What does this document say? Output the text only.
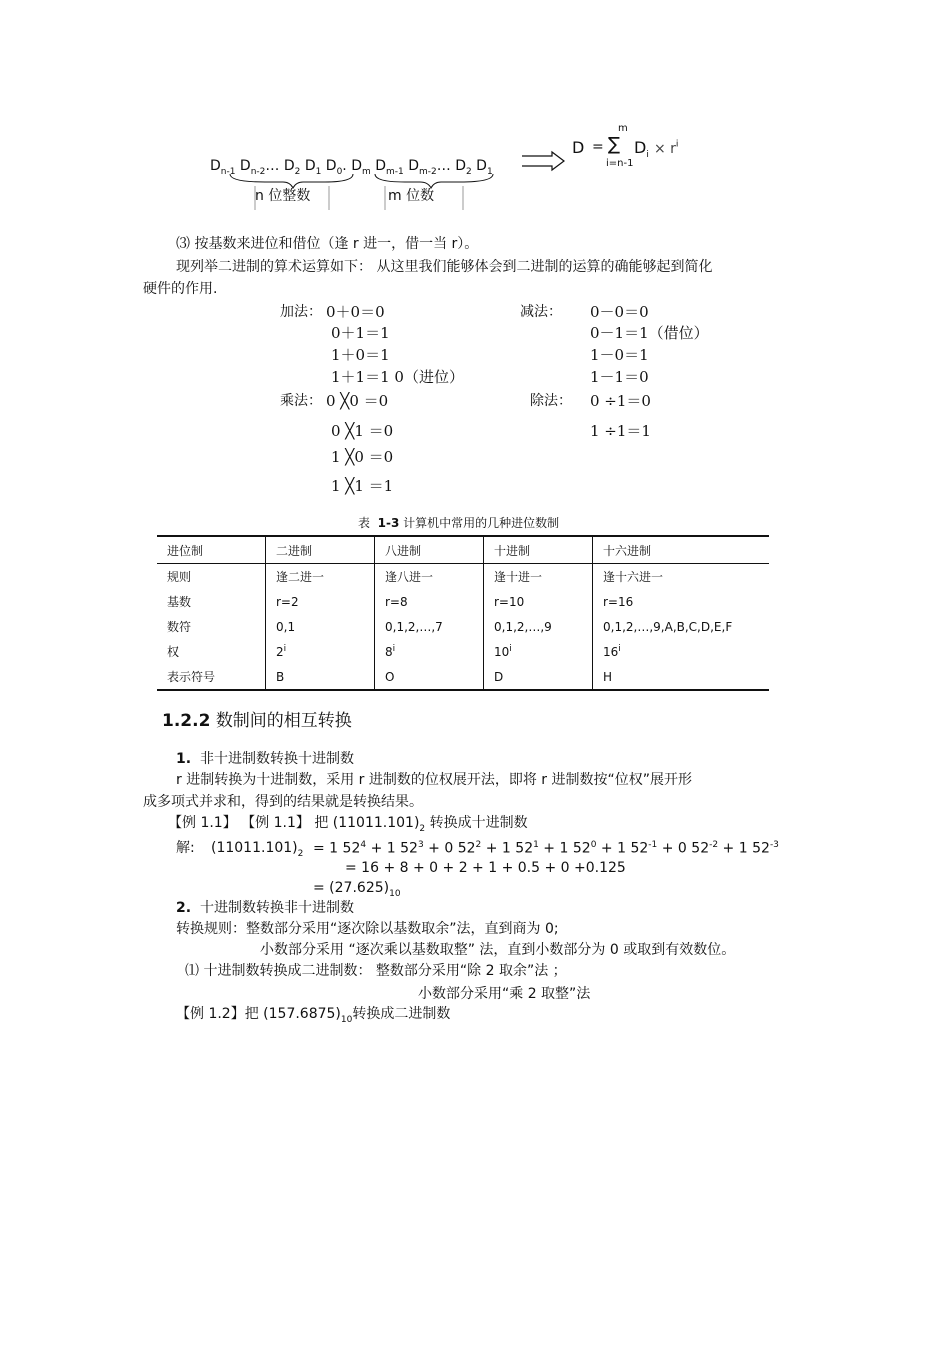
$D_{n-1}$ $D_{n-2}\dots$ $D_2$ $D_1$ $D_0$. $D_m$ $D_{m-1}$ $D_{m-2}\dots$ $D_2$ $D_1$
n 位整数	m 位数
D =
m
∑
i=n-1
$D_i \times r^i$
⑶ 按基数来进位和借位（逢 r 进一，借一当 r）。
现列举二进制的算术运算如下： 从这里我们能够体会到二进制的运算的确能够起到简化
硬件的作用.
加法： 0＋0＝0
0＋1＝1
1＋0＝1
1＋1＝1 0（进位）
减法： 0－0＝0
0－1＝1（借位）
1－0＝1
1－1＝0
乘法： 0 ╳0 ＝0
0 ╳1 ＝0
1 ╳0 ＝0
1 ╳1 ＝1
除法： 0 ÷1＝0
1 ÷1＝1
表 1-3 计算机中常用的几种进位数制
进位制	二进制	八进制	十进制	十六进制
规则	逢二进一	逢八进一	逢十进一	逢十六进一
基数	r=2	r=8	r=10	r=16
数符	0,1	0,1,2,…,7	0,1,2,…,9	0,1,2,…,9,A,B,C,D,E,F
权	2$^i$	8$^i$	10$^i$	16$^i$
表示符号	B	O	D	H
1.2.2 数制间的相互转换
1. 非十进制数转换十进制数
r 进制转换为十进制数，采用 r 进制数的位权展开法，即将 r 进制数按“位权”展开形
成多项式并求和，得到的结果就是转换结果。
【例 1.1】 【例 1.1】 把 $(11011.101)_2$ 转换成十进制数
解: $(11011.101)_2 = 1$ $52^4 + 1$ $52^3 + 0$ $52^2 + 1$ $52^1 + 1$ $52^0 + 1$ $52^{-1} + 0$ $52^{-2} + 1$ $52^{-3}$
= 16 + 8 + 0 + 2 + 1 + 0.5 + 0 +0.125
= $(27.625)_{10}$
2. 十进制数转换非十进制数
转换规则：整数部分采用“逐次除以基数取余”法，直到商为 0;
小数部分采用 “逐次乘以基数取整” 法，直到小数部分为 0 或取到有效数位。
⑴ 十进制数转换成二进制数： 整数部分采用“除 2 取余”法 ；
小数部分采用“乘 2 取整”法
【例 1.2】把 $(157.6875)_{10}$转换成二进制数
